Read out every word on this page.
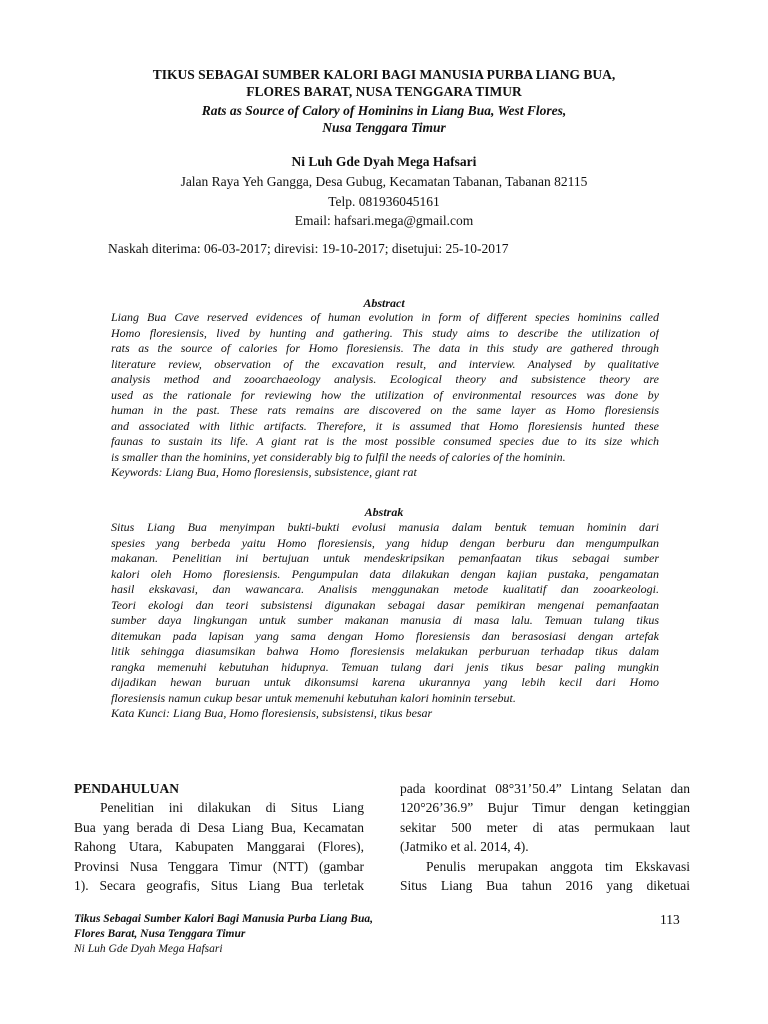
TIKUS SEBAGAI SUMBER KALORI BAGI MANUSIA PURBA LIANG BUA,
FLORES BARAT, NUSA TENGGARA TIMUR
Rats as Source of Calory of Hominins in Liang Bua, West Flores,
Nusa Tenggara Timur
Ni Luh Gde Dyah Mega Hafsari
Jalan Raya Yeh Gangga, Desa Gubug, Kecamatan Tabanan, Tabanan 82115
Telp. 081936045161
Email: hafsari.mega@gmail.com
Naskah diterima: 06-03-2017; direvisi: 19-10-2017; disetujui: 25-10-2017
Abstract
Liang Bua Cave reserved evidences of human evolution in form of different species hominins called
Homo floresiensis, lived by hunting and gathering. This study aims to describe the utilization of
rats as the source of calories for Homo floresiensis. The data in this study are gathered through
literature review, observation of the excavation result, and interview. Analysed by qualitative
analysis method and zooarchaeology analysis. Ecological theory and subsistence theory are
used as the rationale for reviewing how the utilization of environmental resources was done by
human in the past. These rats remains are discovered on the same layer as Homo floresiensis
and associated with lithic artifacts. Therefore, it is assumed that Homo floresiensis hunted these
faunas to sustain its life. A giant rat is the most possible consumed species due to its size which
is smaller than the hominins, yet considerably big to fulfil the needs of calories of the hominin.
Keywords: Liang Bua, Homo floresiensis, subsistence, giant rat
Abstrak
Situs Liang Bua menyimpan bukti-bukti evolusi manusia dalam bentuk temuan hominin dari
spesies yang berbeda yaitu Homo floresiensis, yang hidup dengan berburu dan mengumpulkan
makanan. Penelitian ini bertujuan untuk mendeskripsikan pemanfaatan tikus sebagai sumber
kalori oleh Homo floresiensis. Pengumpulan data dilakukan dengan kajian pustaka, pengamatan
hasil ekskavasi, dan wawancara. Analisis menggunakan metode kualitatif dan zooarkeologi.
Teori ekologi dan teori subsistensi digunakan sebagai dasar pemikiran mengenai pemanfaatan
sumber daya lingkungan untuk sumber makanan manusia di masa lalu. Temuan tulang tikus
ditemukan pada lapisan yang sama dengan Homo floresiensis dan berasosiasi dengan artefak
litik sehingga diasumsikan bahwa Homo floresiensis melakukan perburuan terhadap tikus dalam
rangka memenuhi kebutuhan hidupnya. Temuan tulang dari jenis tikus besar paling mungkin
dijadikan hewan buruan untuk dikonsumsi karena ukurannya yang lebih kecil dari Homo
floresiensis namun cukup besar untuk memenuhi kebutuhan kalori hominin tersebut.
Kata Kunci: Liang Bua, Homo floresiensis, subsistensi, tikus besar
PENDAHULUAN
Penelitian ini dilakukan di Situs Liang
Bua yang berada di Desa Liang Bua, Kecamatan
Rahong Utara, Kabupaten Manggarai (Flores),
Provinsi Nusa Tenggara Timur (NTT) (gambar
1). Secara geografis, Situs Liang Bua terletak
pada koordinat 08°31’50.4” Lintang Selatan dan
120°26’36.9” Bujur Timur dengan ketinggian
sekitar 500 meter di atas permukaan laut
(Jatmiko et al. 2014, 4).
Penulis merupakan anggota tim Ekskavasi
Situs Liang Bua tahun 2016 yang diketuai
Tikus Sebagai Sumber Kalori Bagi Manusia Purba Liang Bua,
Flores Barat, Nusa Tenggara Timur
Ni Luh Gde Dyah Mega Hafsari
113
